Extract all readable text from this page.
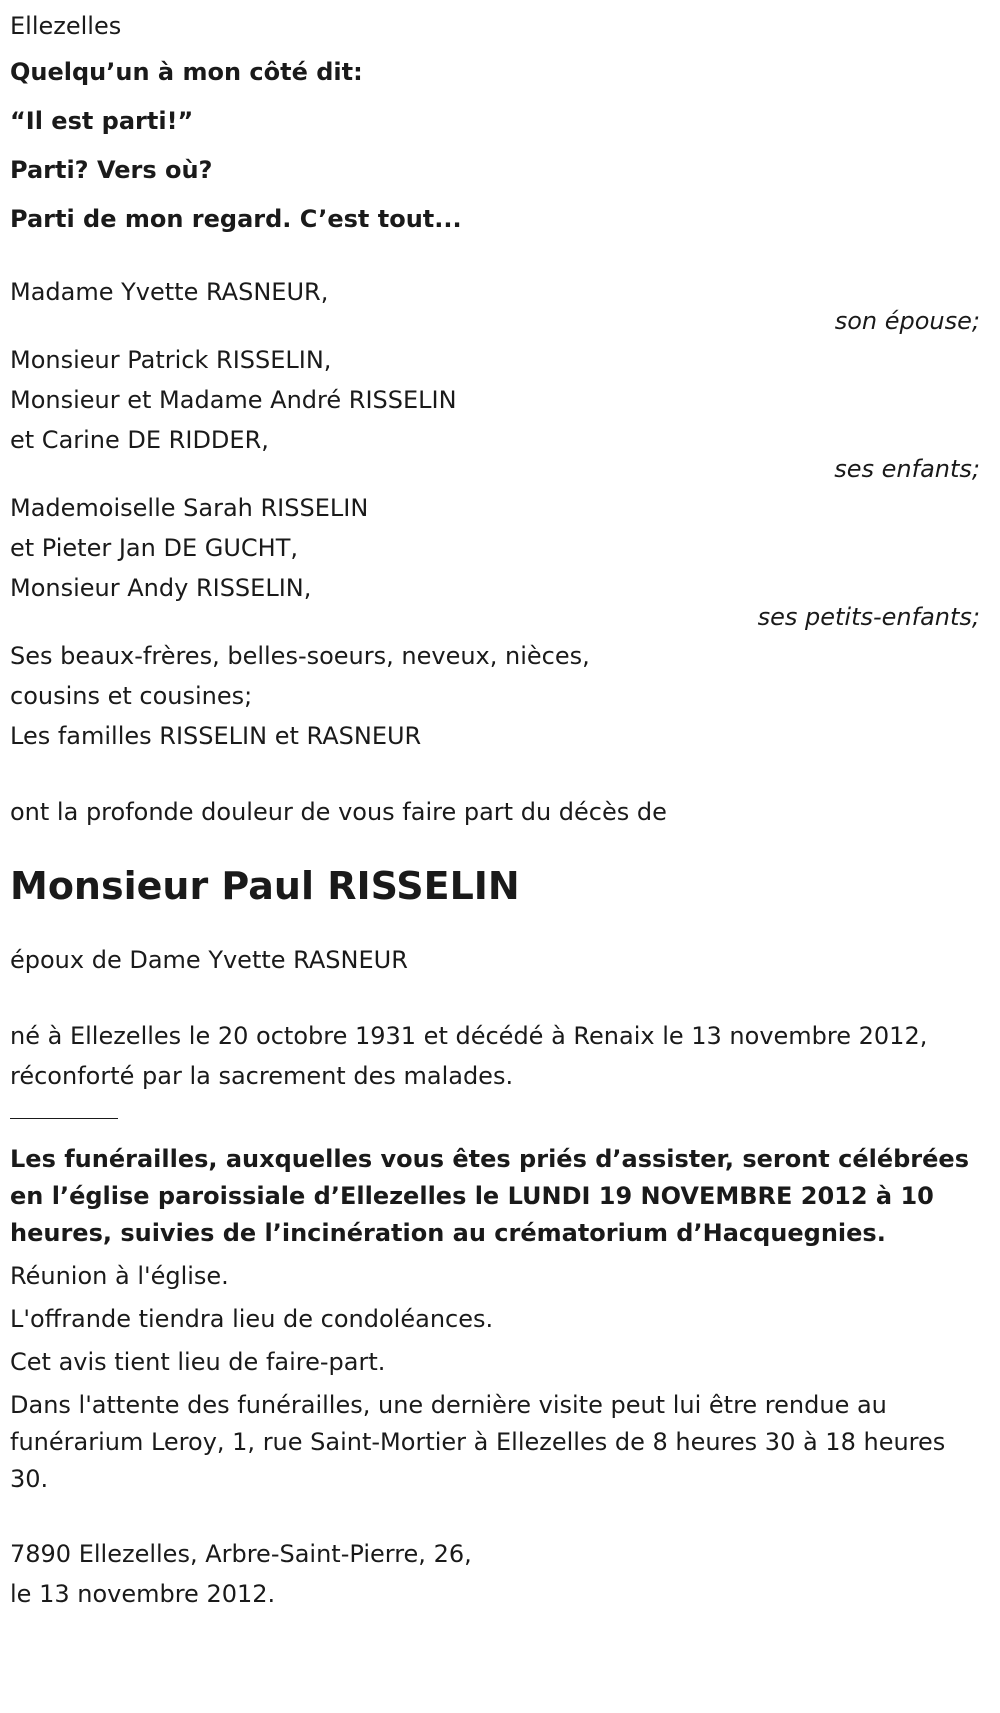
Ellezelles
Quelqu’un à mon côté dit:
“Il est parti!”
Parti? Vers où?
Parti de mon regard. C’est tout...
Madame Yvette RASNEUR,
son épouse;
Monsieur Patrick RISSELIN,
Monsieur et Madame André RISSELIN
et Carine DE RIDDER,
ses enfants;
Mademoiselle Sarah RISSELIN
et Pieter Jan DE GUCHT,
Monsieur Andy RISSELIN,
ses petits-enfants;
Ses beaux-frères, belles-soeurs, neveux, nièces,
cousins et cousines;
Les familles RISSELIN et RASNEUR
ont la profonde douleur de vous faire part du décès de
Monsieur Paul RISSELIN
époux de Dame Yvette RASNEUR
né à Ellezelles le 20 octobre 1931 et décédé à Renaix le 13 novembre 2012,
réconforté par la sacrement des malades.
Les funérailles, auxquelles vous êtes priés d’assister, seront célébrées en l’église paroissiale d’Ellezelles le LUNDI 19 NOVEMBRE 2012 à 10 heures, suivies de l’incinération au crématorium d’Hacquegnies.
Réunion à l'église.
L'offrande tiendra lieu de condoléances.
Cet avis tient lieu de faire-part.
Dans l'attente des funérailles, une dernière visite peut lui être rendue au funérarium Leroy, 1, rue Saint-Mortier à Ellezelles de 8 heures 30 à 18 heures 30.
7890 Ellezelles, Arbre-Saint-Pierre, 26,
le 13 novembre 2012.
